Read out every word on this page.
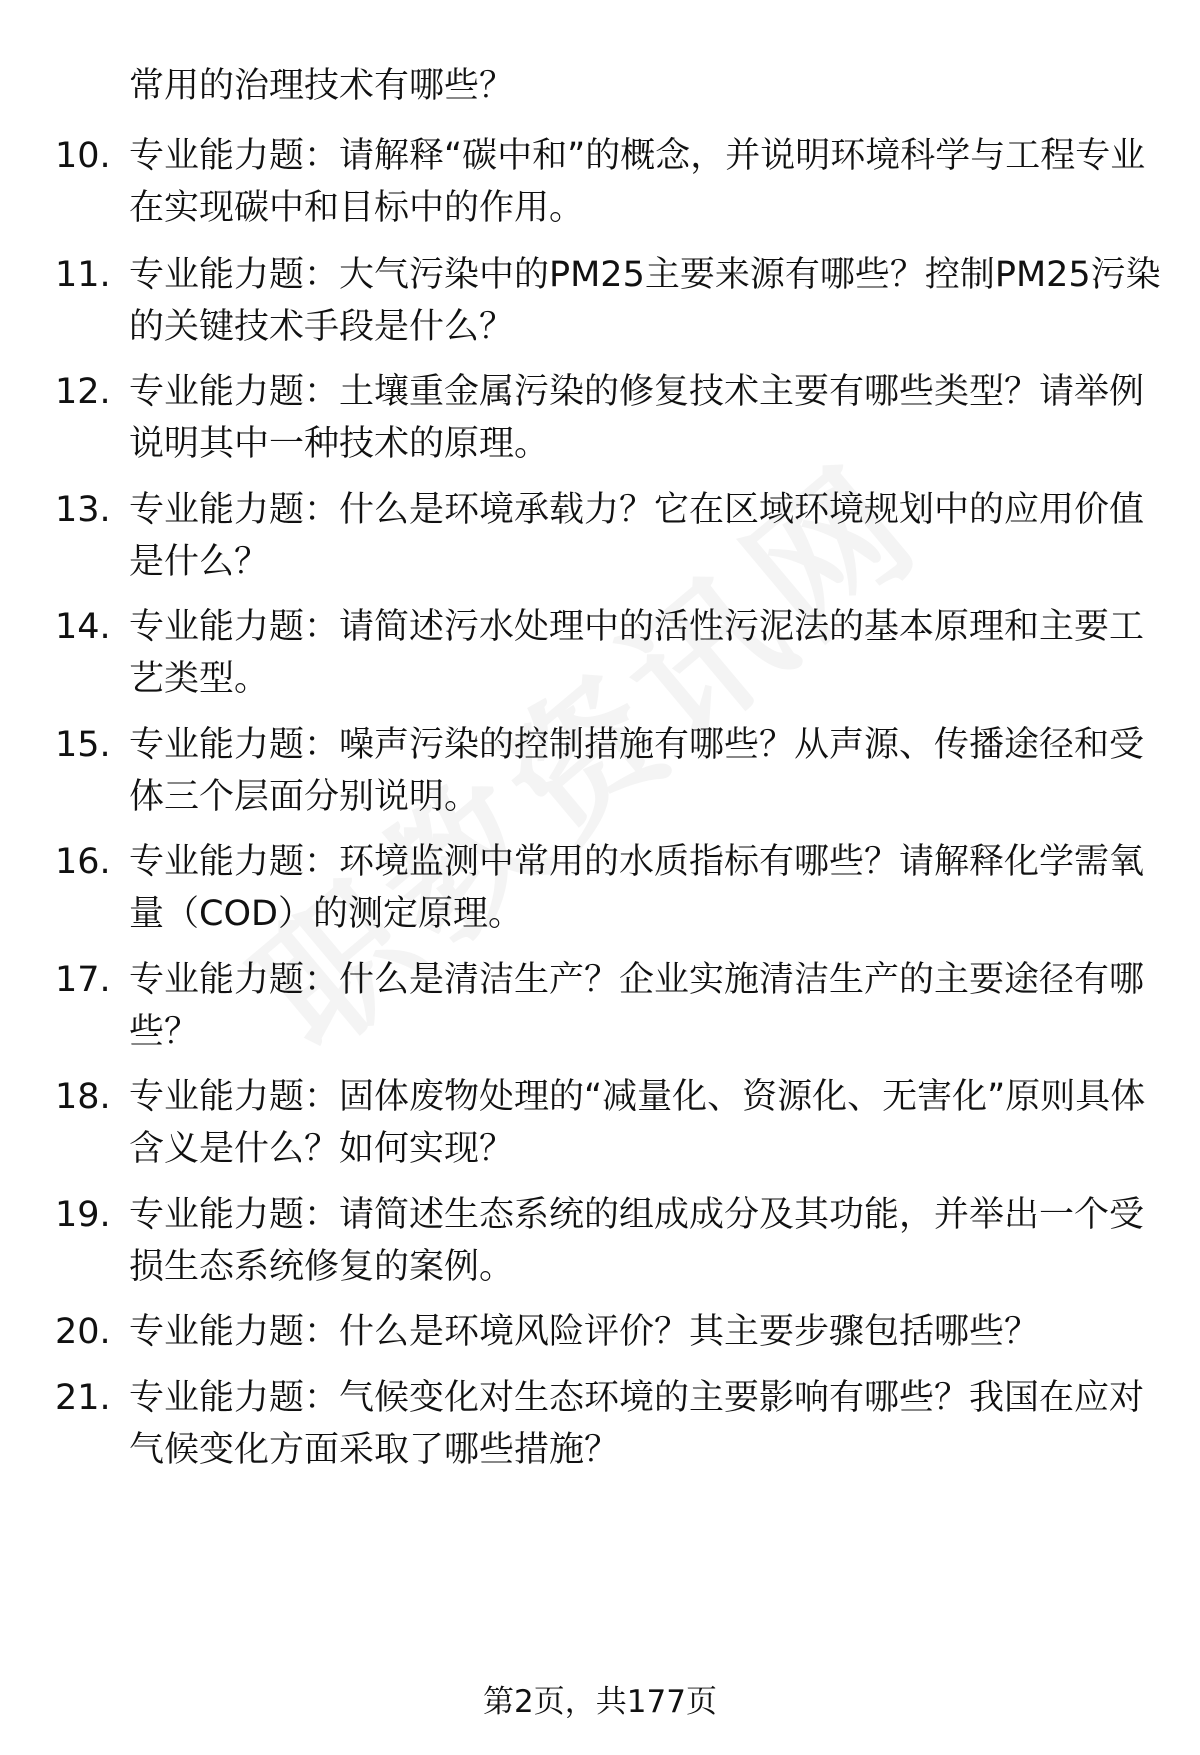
常用的治理技术有哪些？

10. 专业能力题：请解释“碳中和”的概念，并说明环境科学与工程专业在实现碳中和目标中的作用。
11. 专业能力题：大气污染中的PM25主要来源有哪些？控制PM25污染的关键技术手段是什么？
12. 专业能力题：土壤重金属污染的修复技术主要有哪些类型？请举例说明其中一种技术的原理。
13. 专业能力题：什么是环境承载力？它在区域环境规划中的应用价值是什么？
14. 专业能力题：请简述污水处理中的活性污泥法的基本原理和主要工艺类型。
15. 专业能力题：噪声污染的控制措施有哪些？从声源、传播途径和受体三个层面分别说明。
16. 专业能力题：环境监测中常用的水质指标有哪些？请解释化学需氧量（COD）的测定原理。
17. 专业能力题：什么是清洁生产？企业实施清洁生产的主要途径有哪些？
18. 专业能力题：固体废物处理的“减量化、资源化、无害化”原则具体含义是什么？如何实现？
19. 专业能力题：请简述生态系统的组成成分及其功能，并举出一个受损生态系统修复的案例。
20. 专业能力题：什么是环境风险评价？其主要步骤包括哪些？
21. 专业能力题：气候变化对生态环境的主要影响有哪些？我国在应对气候变化方面采取了哪些措施？
第2页，共177页
